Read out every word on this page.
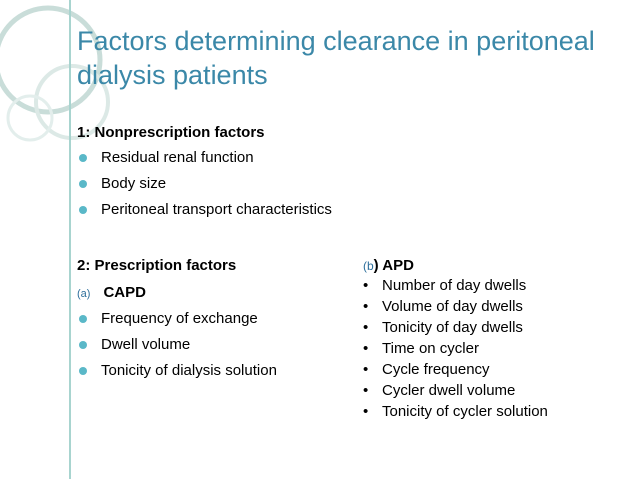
Factors determining clearance in peritoneal dialysis patients

1: Nonprescription factors

Residual renal function
Body size
Peritoneal transport characteristics

2: Prescription factors

(a) CAPD
Frequency of exchange
Dwell volume
Tonicity of dialysis solution
(b) APD
• Number of day dwells
• Volume of day dwells
• Tonicity of day dwells
• Time on cycler
• Cycle frequency
• Cycler dwell volume
• Tonicity of cycler solution
